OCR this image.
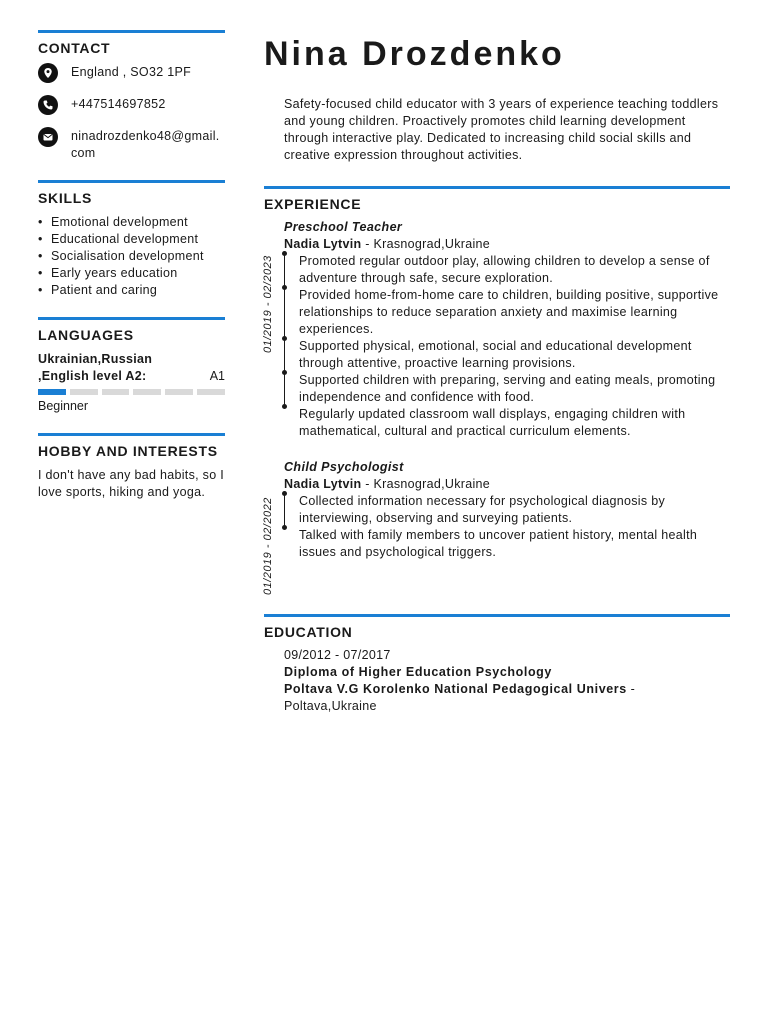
CONTACT
England , SO32 1PF
+447514697852
ninadrozdenko48@gmail.com
SKILLS
• Emotional development
• Educational development
• Socialisation development
• Early years education
• Patient and caring
LANGUAGES
Ukrainian,Russian
,English level A2:	A1
Beginner
HOBBY AND INTERESTS
I don't have any bad habits, so I love sports, hiking and yoga.
Nina Drozdenko
Safety-focused child educator with 3 years of experience teaching toddlers and young children. Proactively promotes child learning development through interactive play. Dedicated to increasing child social skills and creative expression throughout activities.
EXPERIENCE
Preschool Teacher
Nadia Lytvin - Krasnograd,Ukraine
01/2019 - 02/2023 Promoted regular outdoor play, allowing children to develop a sense of adventure through safe, secure exploration.
Provided home-from-home care to children, building positive, supportive relationships to reduce separation anxiety and maximise learning experiences.
Supported physical, emotional, social and educational development through attentive, proactive learning provisions.
Supported children with preparing, serving and eating meals, promoting independence and confidence with food.
Regularly updated classroom wall displays, engaging children with mathematical, cultural and practical curriculum elements.
Child Psychologist
Nadia Lytvin - Krasnograd,Ukraine
01/2019 - 02/2022 Collected information necessary for psychological diagnosis by interviewing, observing and surveying patients.
Talked with family members to uncover patient history, mental health issues and psychological triggers.
EDUCATION
09/2012 - 07/2017
Diploma of Higher Education Psychology
Poltava V.G Korolenko National Pedagogical Univers -
Poltava,Ukraine
